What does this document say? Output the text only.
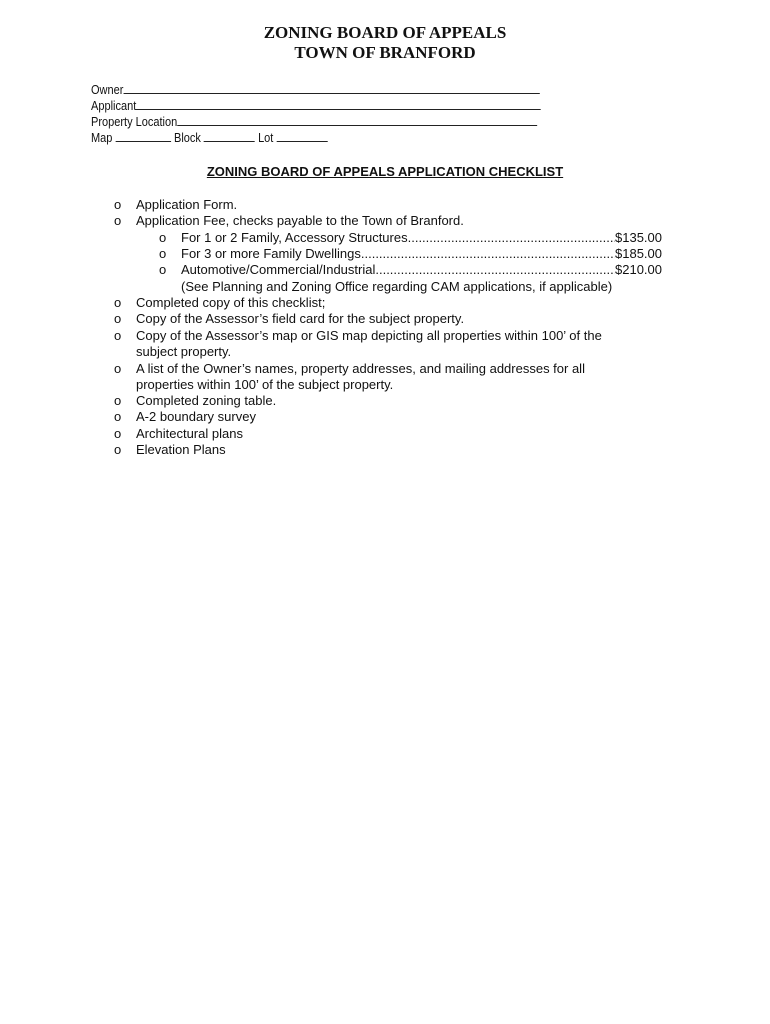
ZONING BOARD OF APPEALS
TOWN OF BRANFORD
Owner
Applicant
Property Location
Map	Block	Lot
ZONING BOARD OF APPEALS APPLICATION CHECKLIST
o Application Form.
o Application Fee, checks payable to the Town of Branford.
o For 1 or 2 Family, Accessory Structures .....	$135.00
o For 3 or more Family Dwellings .....	$185.00
o Automotive/Commercial/Industrial .....	$210.00
(See Planning and Zoning Office regarding CAM applications, if applicable)
o Completed copy of this checklist;
o Copy of the Assessor’s field card for the subject property.
o Copy of the Assessor’s map or GIS map depicting all properties within 100’ of the
subject property.
o A list of the Owner’s names, property addresses, and mailing addresses for all
properties within 100’ of the subject property.
o Completed zoning table.
o A-2 boundary survey
o Architectural plans
o Elevation Plans
